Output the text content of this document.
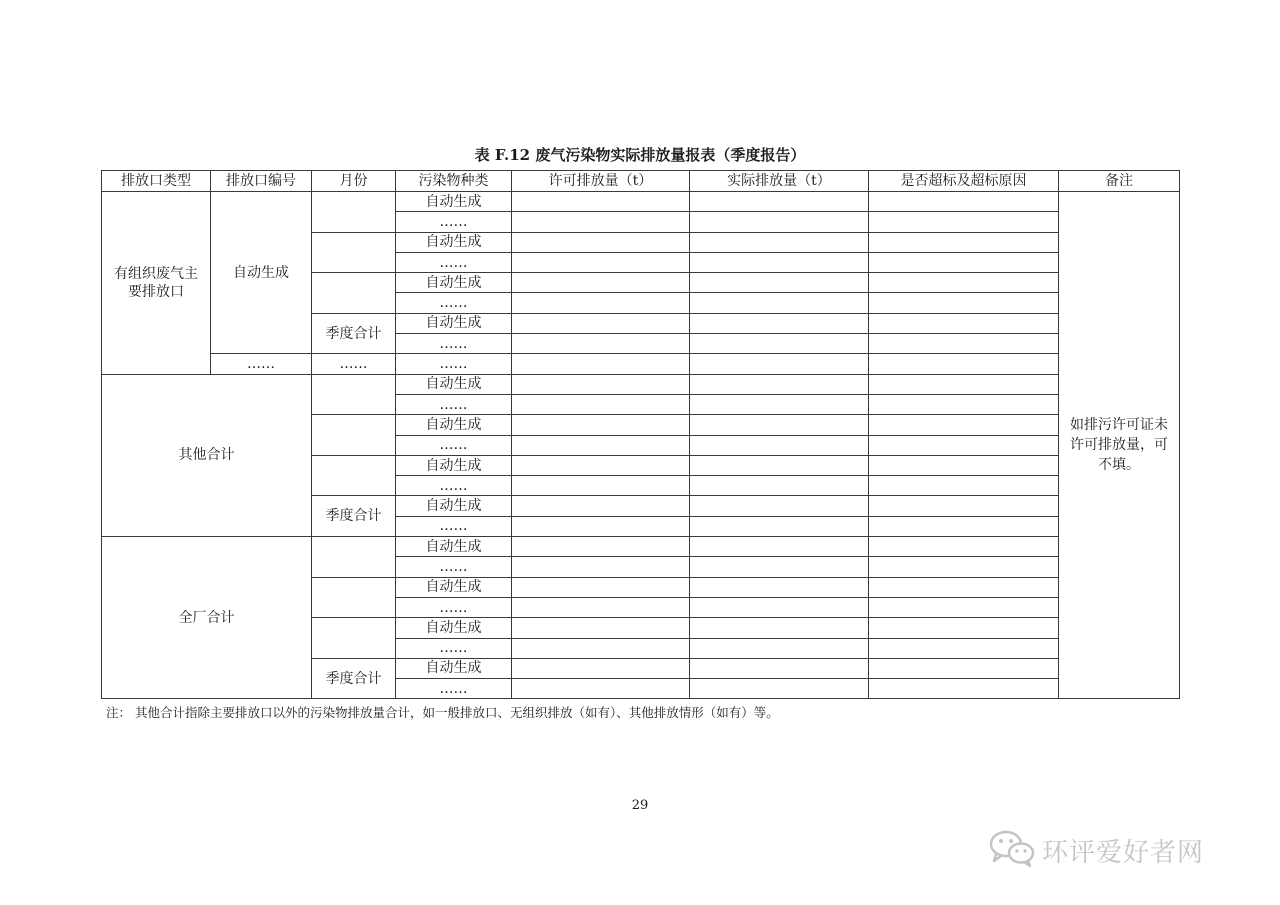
表 F.12 废气污染物实际排放量报表（季度报告）
排放口类型	排放口编号	月份	污染物种类	许可排放量（t）	实际排放量（t）	是否超标及超标原因	备注
有组织废气主要排放口	自动生成		自动生成				如排污许可证未许可排放量，可不填。
			……				
			自动生成				
			……				
			自动生成				
			……				
		季度合计	自动生成				
			……				
	……	……	……				
其他合计			自动生成				
			……				
			自动生成				
			……				
			自动生成				
			……				
		季度合计	自动生成				
			……				
全厂合计			自动生成				
			……				
			自动生成				
			……				
			自动生成				
			……				
		季度合计	自动生成				
			……				
注： 其他合计指除主要排放口以外的污染物排放量合计，如一般排放口、无组织排放（如有）、其他排放情形（如有）等。
29
环评爱好者网
